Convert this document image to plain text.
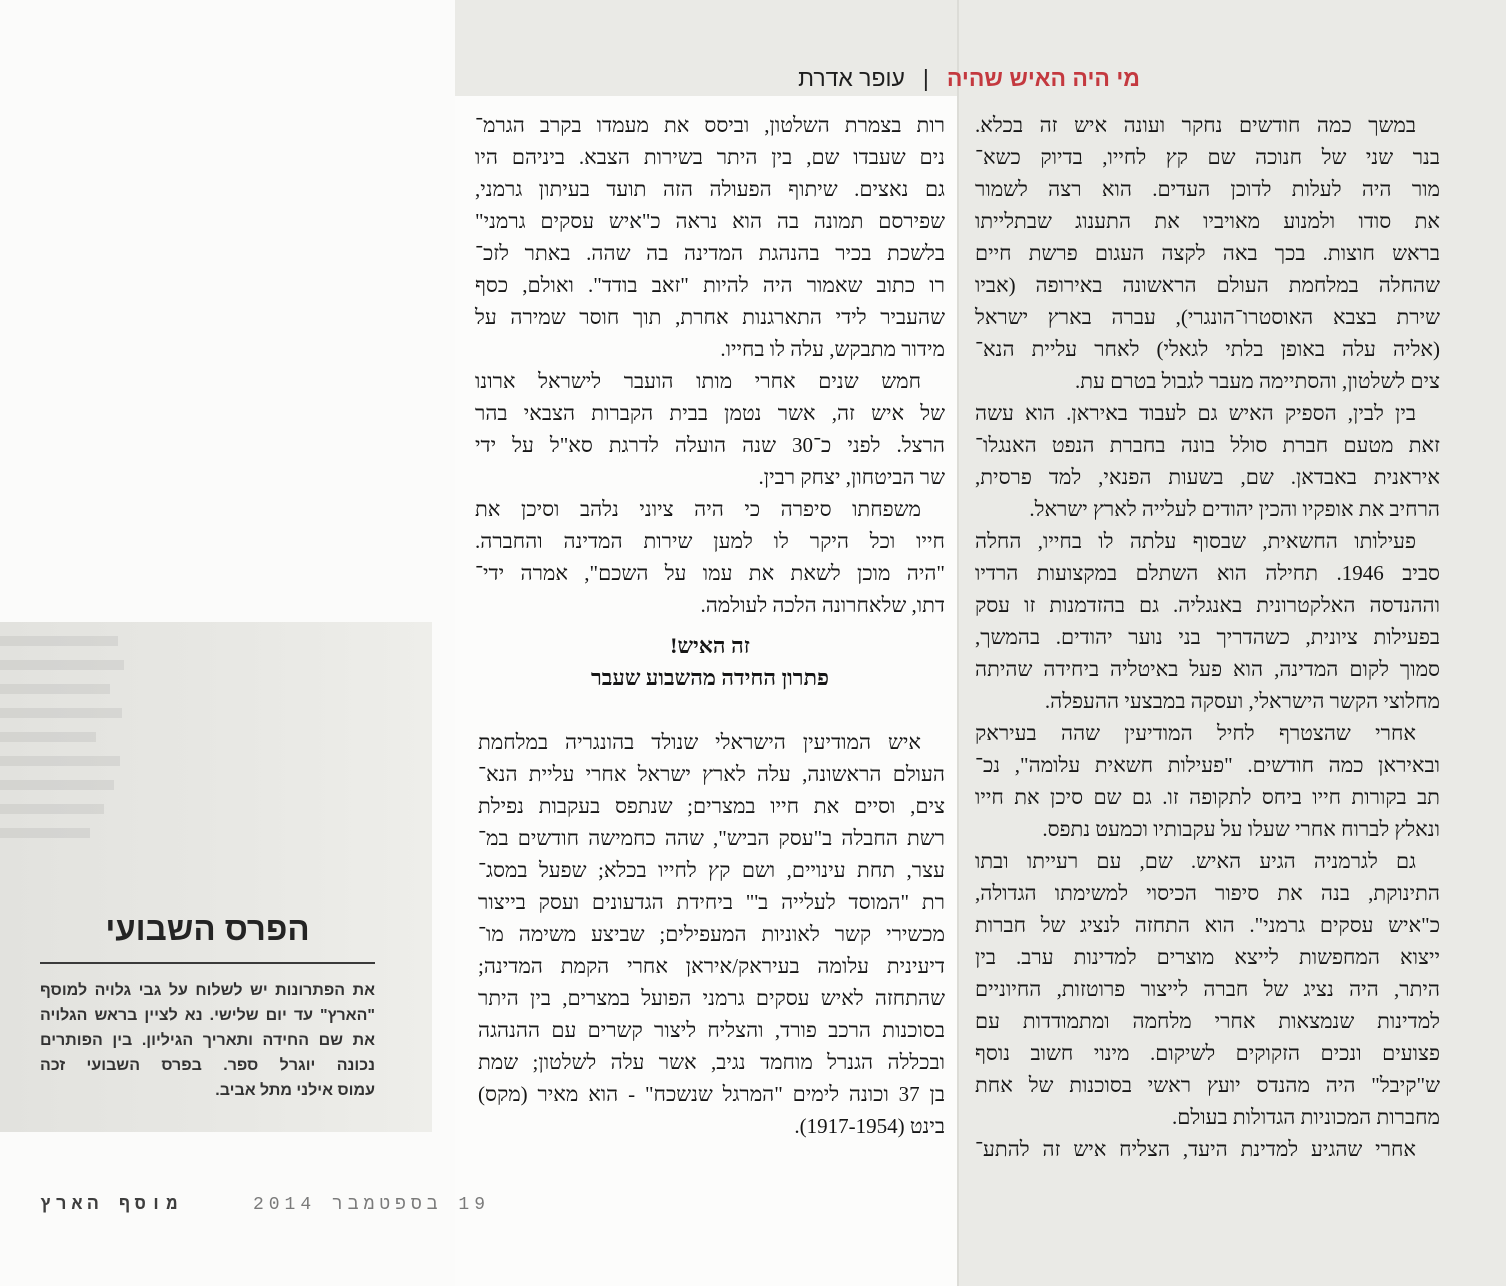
מי היה האיש שהיה
|
עופר אדרת
במשך כמה חודשים נחקר ועונה איש זה בכלא.
בנר שני של חנוכה שם קץ לחייו, בדיוק כשא־
מור היה לעלות לדוכן העדים. הוא רצה לשמור
את סודו ולמנוע מאויביו את התענוג שבתלייתו
בראש חוצות. בכך באה לקצה העגום פרשת חיים
שהחלה במלחמת העולם הראשונה באירופה (אביו
שירת בצבא האוסטרו־הונגרי), עברה בארץ ישראל
(אליה עלה באופן בלתי לגאלי) לאחר עליית הנא־
צים לשלטון, והסתיימה מעבר לגבול בטרם עת.
בין לבין, הספיק האיש גם לעבוד באיראן. הוא עשה
זאת מטעם חברת סולל בונה בחברת הנפט האנגלו־
איראנית באבדאן. שם, בשעות הפנאי, למד פרסית,
הרחיב את אופקיו והכין יהודים לעלייה לארץ ישראל.
פעילותו החשאית, שבסוף עלתה לו בחייו, החלה
סביב 1946. תחילה הוא השתלם במקצועות הרדיו
וההנדסה האלקטרונית באנגליה. גם בהזדמנות זו עסק
בפעילות ציונית, כשהדריך בני נוער יהודים. בהמשך,
סמוך לקום המדינה, הוא פעל באיטליה ביחידה שהיתה
מחלוצי הקשר הישראלי, ועסקה במבצעי ההעפלה.
אחרי שהצטרף לחיל המודיעין שהה בעיראק
ובאיראן כמה חודשים. "פעילות חשאית עלומה", נכ־
תב בקורות חייו ביחס לתקופה זו. גם שם סיכן את חייו
ונאלץ לברוח אחרי שעלו על עקבותיו וכמעט נתפס.
גם לגרמניה הגיע האיש. שם, עם רעייתו ובתו
התינוקת, בנה את סיפור הכיסוי למשימתו הגדולה,
כ"איש עסקים גרמני". הוא התחזה לנציג של חברות
ייצוא המחפשות לייצא מוצרים למדינות ערב. בין
היתר, היה נציג של חברה לייצור פרוטזות, החיוניים
למדינות שנמצאות אחרי מלחמה ומתמודדות עם
פצועים ונכים הזקוקים לשיקום. מינוי חשוב נוסף
ש"קיבל" היה מהנדס יועץ ראשי בסוכנות של אחת
מחברות המכוניות הגדולות בעולם.
אחרי שהגיע למדינת היעד, הצליח איש זה להתע־
רות בצמרת השלטון, וביסס את מעמדו בקרב הגרמ־
נים שעבדו שם, בין היתר בשירות הצבא. ביניהם היו
גם נאצים. שיתוף הפעולה הזה תועד בעיתון גרמני,
שפירסם תמונה בה הוא נראה כ"איש עסקים גרמני"
בלשכת בכיר בהנהגת המדינה בה שהה. באתר לזכ־
רו כתוב שאמור היה להיות "זאב בודד". ואולם, כסף
שהעביר לידי התארגנות אחרת, תוך חוסר שמירה על
מידור מתבקש, עלה לו בחייו.
חמש שנים אחרי מותו הועבר לישראל ארונו
של איש זה, אשר נטמן בבית הקברות הצבאי בהר
הרצל. לפני כ־30 שנה הועלה לדרגת סא"ל על ידי
שר הביטחון, יצחק רבין.
משפחתו סיפרה כי היה ציוני נלהב וסיכן את
חייו וכל היקר לו למען שירות המדינה והחברה.
"היה מוכן לשאת את עמו על השכם", אמרה ידי־
דתו, שלאחרונה הלכה לעולמה.
זה האיש!
פתרון החידה מהשבוע שעבר
איש המודיעין הישראלי שנולד בהונגריה במלחמת
העולם הראשונה, עלה לארץ ישראל אחרי עליית הנא־
צים, וסיים את חייו במצרים; שנתפס בעקבות נפילת
רשת החבלה ב"עסק הביש", שהה כחמישה חודשים במ־
עצר, תחת עינויים, ושם קץ לחייו בכלא; שפעל במסג־
רת "המוסד לעלייה ב'" ביחידת הגדעונים ועסק בייצור
מכשירי קשר לאוניות המעפילים; שביצע משימה מו־
דיעינית עלומה בעיראק/איראן אחרי הקמת המדינה;
שהתחזה לאיש עסקים גרמני הפועל במצרים, בין היתר
בסוכנות הרכב פורד, והצליח ליצור קשרים עם ההנהגה
ובכללה הגנרל מוחמד נגיב, אשר עלה לשלטון; שמת
בן 37 וכונה לימים "המרגל שנשכח" - הוא מאיר (מקס)
בינט (1917-1954).
הפרס השבועי
את הפתרונות יש לשלוח על גבי גלויה למוסף
"הארץ" עד יום שלישי. נא לציין בראש הגלויה
את שם החידה ותאריך הגיליון. בין הפותרים
נכונה יוגרל ספר. בפרס השבועי זכה
עמוס אילני מתל אביב.
19 בספטמבר 2014
מוסף הארץ
